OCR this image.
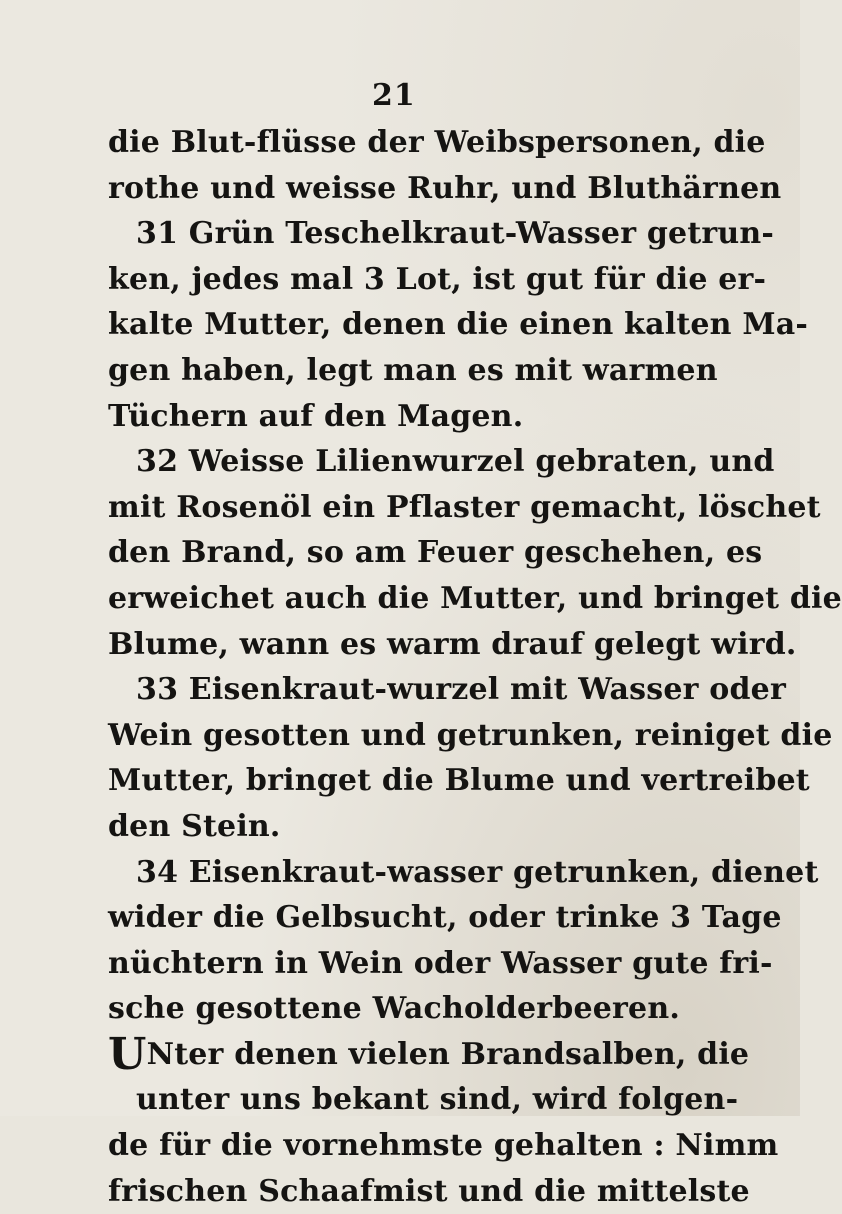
21
die Blut-flüsse der Weibspersonen, die
rothe und weisse Ruhr, und Bluthärnen
31 Grün Teschelkraut-Wasser getrun-
ken, jedes mal 3 Lot, ist gut für die er-
kalte Mutter, denen die einen kalten Ma-
gen haben, legt man es mit warmen
Tüchern auf den Magen.
32 Weisse Lilienwurzel gebraten, und
mit Rosenöl ein Pflaster gemacht, löschet
den Brand, so am Feuer geschehen, es
erweichet auch die Mutter, und bringet die
Blume, wann es warm drauf gelegt wird.
33 Eisenkraut-wurzel mit Wasser oder
Wein gesotten und getrunken, reiniget die
Mutter, bringet die Blume und vertreibet
den Stein.
34 Eisenkraut-wasser getrunken, dienet
wider die Gelbsucht, oder trinke 3 Tage
nüchtern in Wein oder Wasser gute fri-
sche gesottene Wacholderbeeren.
UNter denen vielen Brandsalben, die
unter uns bekant sind, wird folgen-
de für die vornehmste gehalten : Nimm
frischen Schaafmist und die mittelste
